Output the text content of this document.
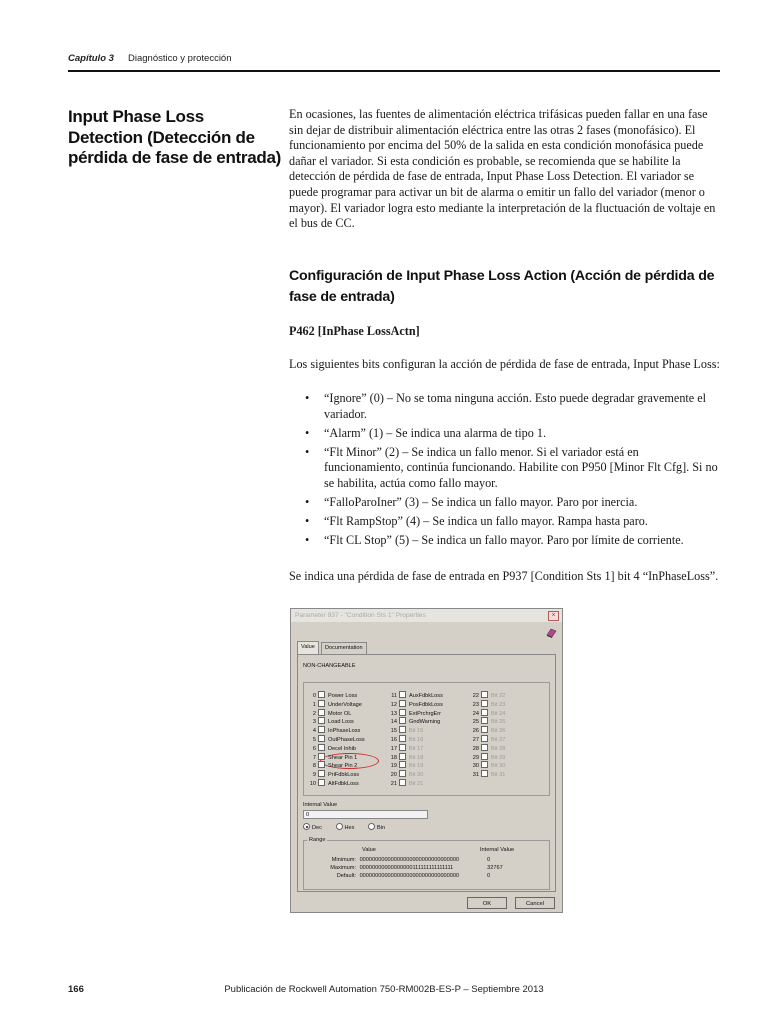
Capítulo 3 Diagnóstico y protección
Input Phase Loss Detection (Detección de pérdida de fase de entrada)

En ocasiones, las fuentes de alimentación eléctrica trifásicas pueden fallar en una fase sin dejar de distribuir alimentación eléctrica entre las otras 2 fases (monofásico). El funcionamiento por encima del 50% de la salida en esta condición monofásica puede dañar el variador. Si esta condición es probable, se recomienda que se habilite la detección de pérdida de fase de entrada, Input Phase Loss Detection. El variador se puede programar para activar un bit de alarma o emitir un fallo del variador (menor o mayor). El variador logra esto mediante la interpretación de la fluctuación de voltaje en el bus de CC.

Configuración de Input Phase Loss Action (Acción de pérdida de fase de entrada)
P462 [InPhase LossActn]

Los siguientes bits configuran la acción de pérdida de fase de entrada, Input Phase Loss:

• “Ignore” (0) – No se toma ninguna acción. Esto puede degradar gravemente el variador.
• “Alarm” (1) – Se indica una alarma de tipo 1.
• “Flt Minor” (2) – Se indica un fallo menor. Si el variador está en funcionamiento, continúa funcionando. Habilite con P950 [Minor Flt Cfg]. Si no se habilita, actúa como fallo mayor.
• “FalloParoIner” (3) – Se indica un fallo mayor. Paro por inercia.
• “Flt RampStop” (4) – Se indica un fallo mayor. Rampa hasta paro.
• “Flt CL Stop” (5) – Se indica un fallo mayor. Paro por límite de corriente.

Se indica una pérdida de fase de entrada en P937 [Condition Sts 1] bit 4 “InPhaseLoss”.

Parameter 937 - "Condition Sts 1" Properties	×
Value	Documentation
NON-CHANGEABLE
0 Power Loss
1 UnderVoltage
2 Motor OL
3 Load Loss
4 InPhaseLoss
5 OutPhaseLoss
6 Decel Inhib
7 Shear Pin 1
8 Shear Pin 2
9 PriFdbkLoss
10 AltFdbkLoss
11 AuxFdbkLoss
12 PosFdbkLoss
13 ExtPrchrgErr
14 GndWarning
15 Bit 15
16 Bit 16
17 Bit 17
18 Bit 18
19 Bit 19
20 Bit 20
21 Bit 21
22 Bit 22
23 Bit 23
24 Bit 24
25 Bit 25
26 Bit 26
27 Bit 27
28 Bit 28
29 Bit 29
30 Bit 30
31 Bit 31
Internal Value
0
Dec	Hex	Bin
Range
Value	Internal Value
Minimum: 00000000000000000000000000000000	0
Maximum: 00000000000000000111111111111111	32767
Default: 00000000000000000000000000000000	0
OK	Cancel
166	Publicación de Rockwell Automation 750-RM002B-ES-P – Septiembre 2013
